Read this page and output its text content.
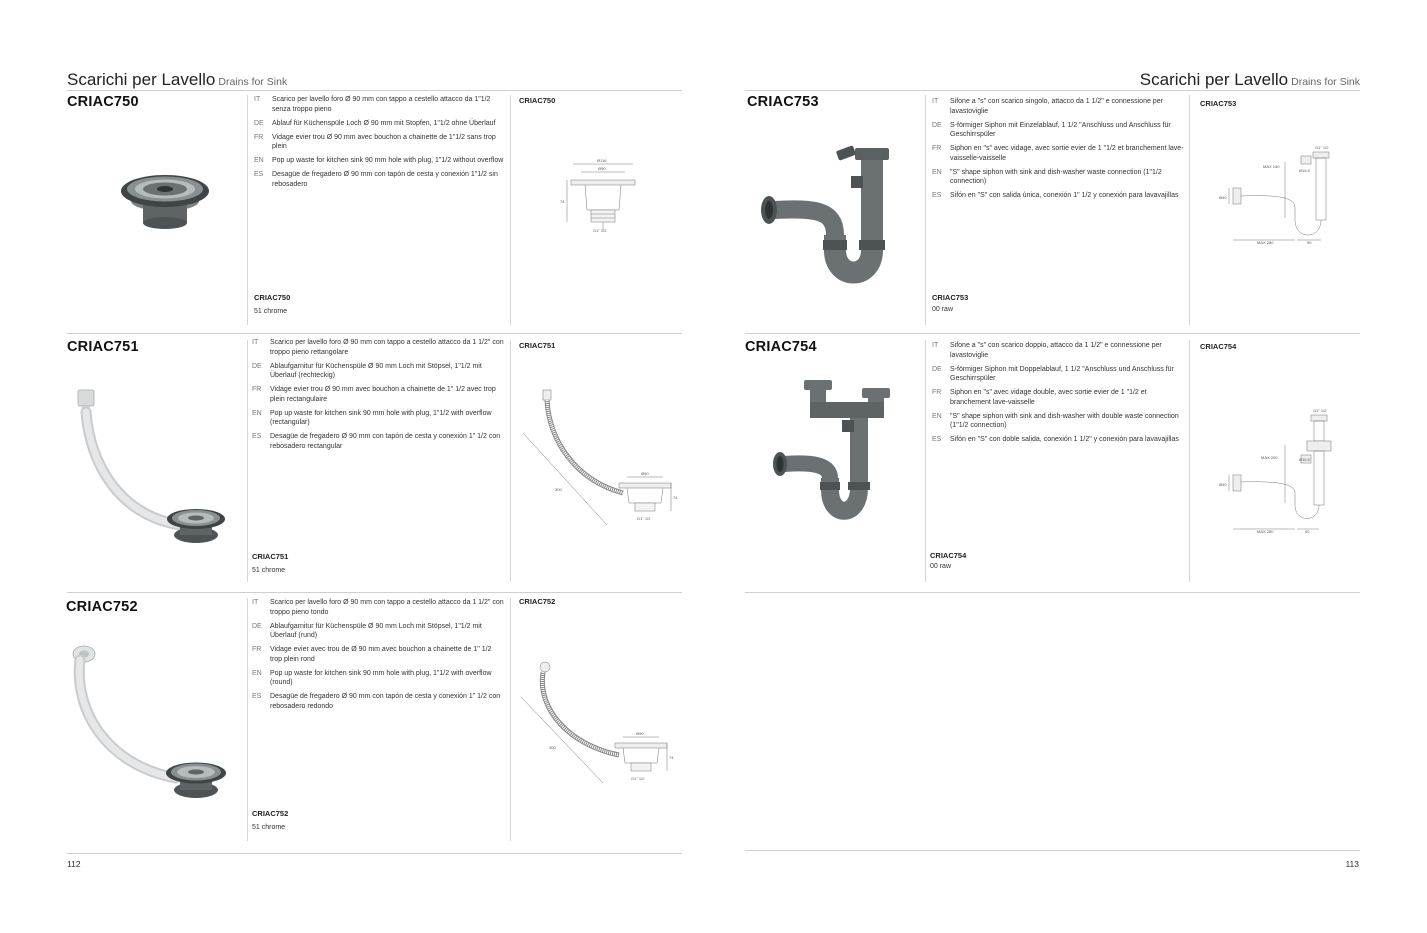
Scarichi per Lavello Drains for Sink	Scarichi per Lavello Drains for Sink
CRIAC750	IT	Scarico per lavello foro Ø 90 mm con tappo a cestello attacco da 1"1/2 senza troppo pieno
DE	Ablauf für Küchenspüle Loch Ø 90 mm mit Stopfen, 1"1/2 ohne Überlauf
FR	Vidage evier trou Ø 90 mm avec bouchon a chainette de 1"1/2 sans trop plein
EN	Pop up waste for kitchen sink 90 mm hole with plug, 1"1/2 without overflow
ES	Desagüe de fregadero Ø 90 mm con tapón de cesta y conexión 1"1/2 sin rebosadero
CRIAC750
51 chrome
CRIAC750
Ø116
Ø90
74
G1" 1/2
CRIAC751	IT	Scarico per lavello foro Ø 90 mm con tappo a cestello attacco da 1 1/2" con troppo pieno rettangolare
DE	Ablaufgarnitur für Küchenspüle Ø 90 mm Loch mit Stöpsel, 1"1/2 mit Überlauf (rechteckig)
FR	Vidage evier trou Ø 90 mm avec bouchon a chainette de 1" 1/2 avec trop plein rectangulaire
EN	Pop up waste for kitchen sink 90 mm hole with plug, 1"1/2 with overflow (rectangular)
ES	Desagüe de fregadero Ø 90 mm con tapón de cesta y conexión 1" 1/2 con rebosadero rectangular
CRIAC751
51 chrome
CRIAC751
Ø90
300
74
G1" 1/2
CRIAC752	IT	Scarico per lavello foro Ø 90 mm con tappo a cestello attacco da 1 1/2" con troppo pieno tondo
DE	Ablaufgarnitur für Küchenspüle Ø 90 mm Loch mit Stöpsel, 1"1/2 mit Überlauf (rund)
FR	Vidage evier avec trou de Ø 90 mm avec bouchon a chainette de 1" 1/2 trop plein rond
EN	Pop up waste for kitchen sink 90 mm hole with plug, 1"1/2 with overflow (round)
ES	Desagüe de fregadero Ø 90 mm con tapón de cesta y conexión 1" 1/2 con rebosadero redondo
CRIAC752
51 chrome
CRIAC752
Ø90
300
74
G1" 1/2
CRIAC753	IT	Sifone a "s" con scarico singolo, attacco da 1 1/2" e connessione per lavastoviglie
DE	S-förmiger Siphon mit Einzelablauf, 1 1/2 "Anschluss und Anschluss für Geschirrspüler
FR	Siphon en "s" avec vidage, avec sortie evier de 1 "1/2 et branchement lave-vaisselle-vaisselle
EN	"S" shape siphon with sink and dish-washer waste connection (1"1/2 connection)
ES	Sifón en "S" con salida única, conexión 1" 1/2 y conexión para lavavajillas
CRIAC753
00 raw
CRIAC753
G1" 1/2
MAX 150
Ø16.5
Ø40
MAX 280	90
CRIAC754	IT	Sifone a "s" con scarico doppio, attacco da 1 1/2" e connessione per lavastoviglie
DE	S-förmiger Siphon mit Doppelablauf, 1 1/2 "Anschluss und Anschluss für Geschirrspüler
FR	Siphon en "s" avec vidage double, avec sortie evier de 1 "1/2 et branchement lave-vaisselle
EN	"S" shape siphon with sink and dish-washer with double waste connection (1"1/2 connection)
ES	Sifón en "S" con doble salida, conexión 1 1/2" y conexión para lavavajillas
CRIAC754
00 raw
CRIAC754
G1" 1/2
MAX 200	Ø16.5
Ø40
MAX 280	90
112	113
